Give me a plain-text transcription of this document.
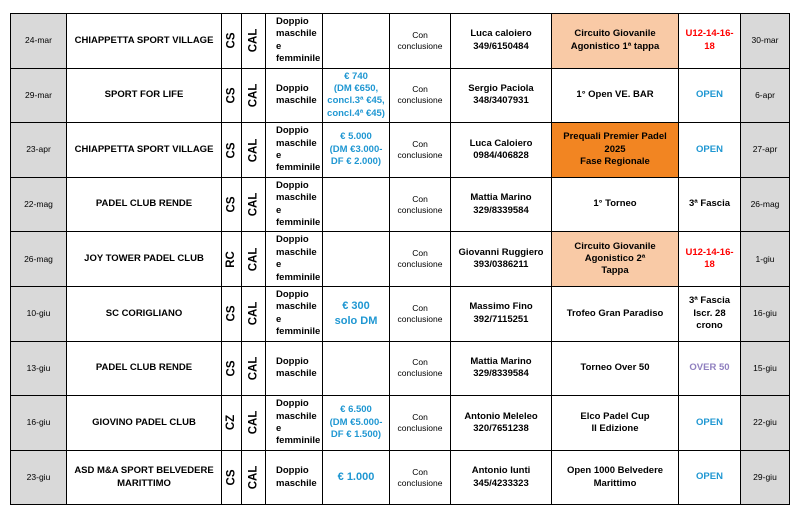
24-mar	CHIAPPETTA SPORT VILLAGE	CS	CAL	Doppio
maschile e
femminile		Con
conclusione	Luca caloiero
349/6150484	Circuito Giovanile
Agonistico 1ª tappa	U12-14-16-
18	30-mar
29-mar	SPORT FOR LIFE	CS	CAL	Doppio
maschile	€ 740
(DM €650,
concl.3ª €45,
concl.4ª €45)	Con
conclusione	Sergio Paciola
348/3407931	1° Open VE. BAR	OPEN	6-apr
23-apr	CHIAPPETTA SPORT VILLAGE	CS	CAL	Doppio
maschile e
femminile	€ 5.000
(DM €3.000-
DF € 2.000)	Con
conclusione	Luca Caloiero
0984/406828	Prequali Premier Padel
2025
Fase Regionale	OPEN	27-apr
22-mag	PADEL CLUB RENDE	CS	CAL	Doppio
maschile e
femminile		Con
conclusione	Mattia Marino
329/8339584	1° Torneo	3ª Fascia	26-mag
26-mag	JOY TOWER PADEL CLUB	RC	CAL	Doppio
maschile e
femminile		Con
conclusione	Giovanni Ruggiero
393/0386211	Circuito Giovanile
Agonistico 2ª
Tappa	U12-14-16-
18	1-giu
10-giu	SC CORIGLIANO	CS	CAL	Doppio
maschile e
femminile	€ 300
solo DM	Con
conclusione	Massimo Fino
392/7115251	Trofeo Gran Paradiso	3ª Fascia
Iscr. 28
crono	16-giu
13-giu	PADEL CLUB RENDE	CS	CAL	Doppio
maschile		Con
conclusione	Mattia Marino
329/8339584	Torneo Over 50	OVER 50	15-giu
16-giu	GIOVINO PADEL CLUB	CZ	CAL	Doppio
maschile e
femminile	€ 6.500
(DM €5.000-
DF € 1.500)	Con
conclusione	Antonio Meleleo
320/7651238	Elco Padel Cup
II Edizione	OPEN	22-giu
23-giu	ASD M&A SPORT BELVEDERE MARITTIMO	CS	CAL	Doppio
maschile	€ 1.000	Con
conclusione	Antonio Iunti
345/4233323	Open 1000 Belvedere
Marittimo	OPEN	29-giu
